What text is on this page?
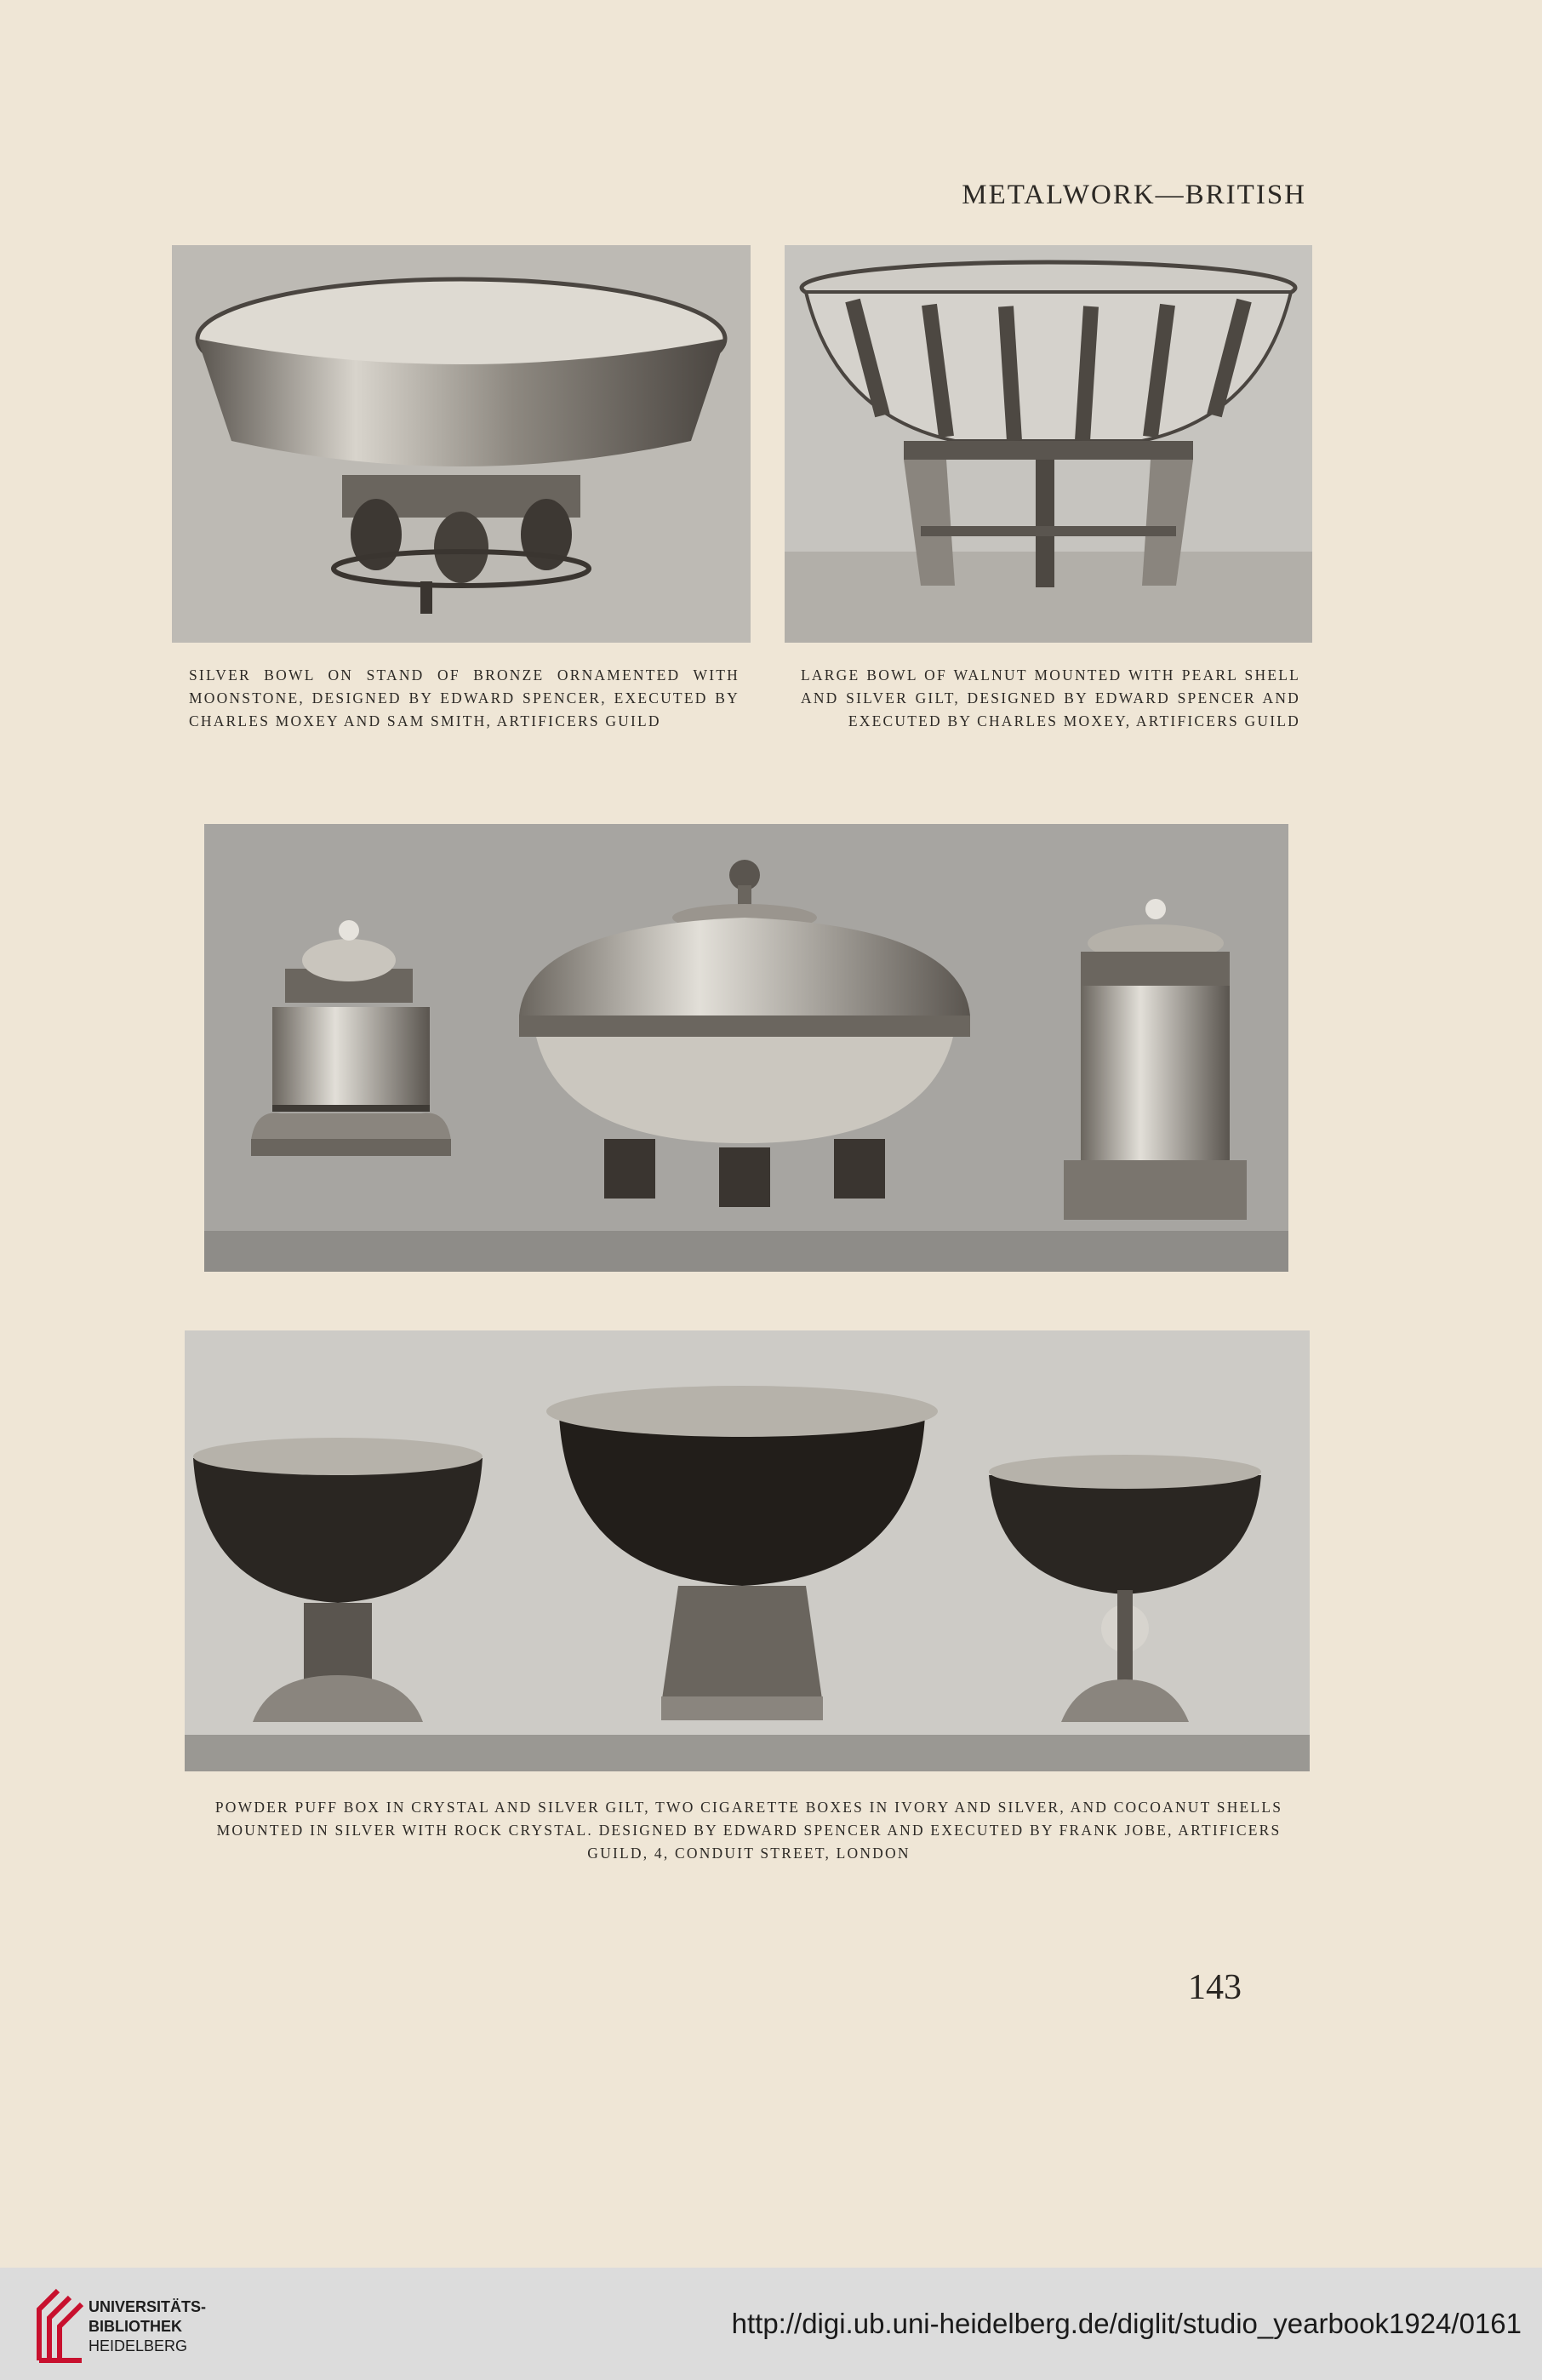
METALWORK—BRITISH
SILVER BOWL ON STAND OF BRONZE ORNAMENTED WITH MOONSTONE, DESIGNED BY EDWARD SPENCER, EXECUTED BY CHARLES MOXEY AND SAM SMITH, ARTIFICERS GUILD
LARGE BOWL OF WALNUT MOUNTED WITH PEARL SHELL AND SILVER GILT, DESIGNED BY EDWARD SPENCER AND EXECUTED BY CHARLES MOXEY, ARTIFICERS GUILD
POWDER PUFF BOX IN CRYSTAL AND SILVER GILT, TWO CIGARETTE BOXES IN IVORY AND SILVER, AND COCOANUT SHELLS MOUNTED IN SILVER WITH ROCK CRYSTAL. DESIGNED BY EDWARD SPENCER AND EXECUTED BY FRANK JOBE, ARTIFICERS GUILD, 4, CONDUIT STREET, LONDON
143
UNIVERSITÄTS-
BIBLIOTHEK
HEIDELBERG
http://digi.ub.uni-heidelberg.de/diglit/studio_yearbook1924/0161
